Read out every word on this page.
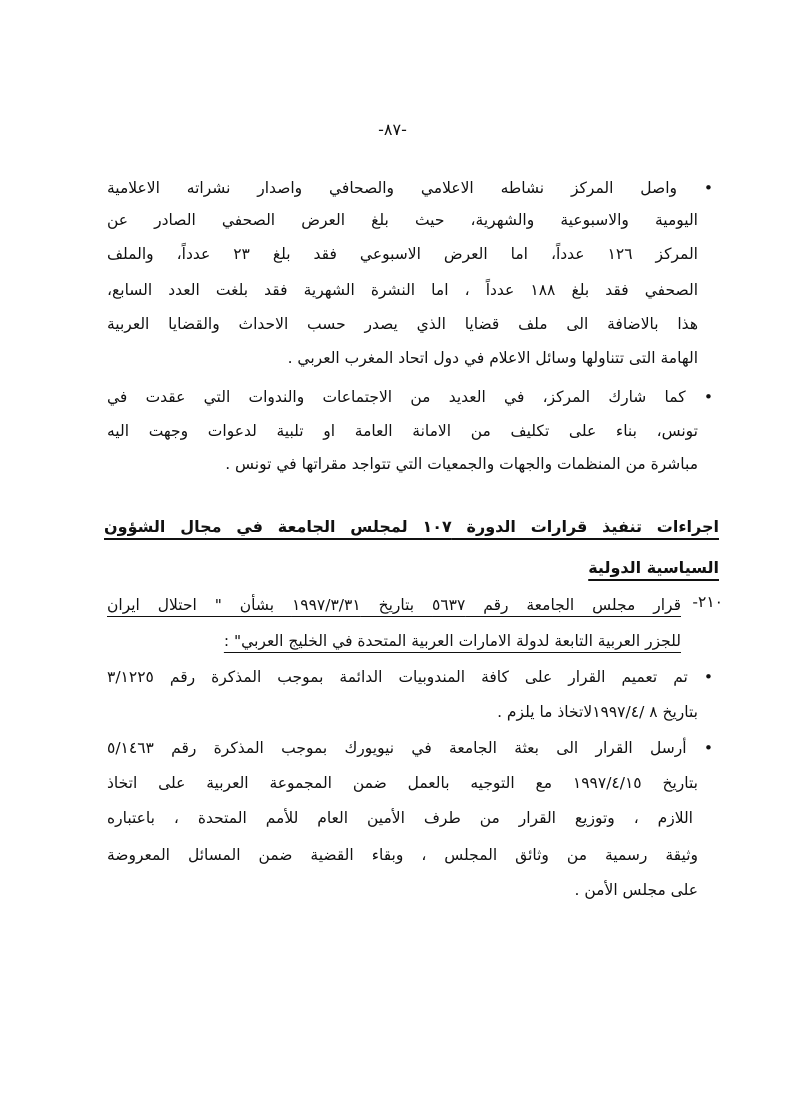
-٨٧-
• واصل المركز نشاطه الاعلامي والصحافي واصدار نشراته الاعلامية
اليومية والاسبوعية والشهرية، حيث بلغ العرض الصحفي الصادر عن
المركز ١٢٦ عدداً، اما العرض الاسبوعي فقد بلغ ٢٣ عدداً، والملف
الصحفي فقد بلغ ١٨٨ عدداً ، اما النشرة الشهرية فقد بلغت العدد السابع،
هذا بالاضافة الى ملف قضايا الذي يصدر حسب الاحداث والقضايا العربية
الهامة التى تتناولها وسائل الاعلام في دول اتحاد المغرب العربي .
• كما شارك المركز، في العديد من الاجتماعات والندوات التي عقدت في
تونس، بناء على تكليف من الامانة العامة او تلبية لدعوات وجهت اليه
مباشرة من المنظمات والجهات والجمعيات التي تتواجد مقراتها في تونس .
اجراءات تنفيذ قرارات الدورة ١٠٧ لمجلس الجامعة في مجال الشؤون
السياسية الدولية
٢١٠-
قرار مجلس الجامعة رقم ٥٦٣٧ بتاريخ ١٩٩٧/٣/٣١ بشأن " احتلال ايران
للجزر العربية التابعة لدولة الامارات العربية المتحدة في الخليج العربي" :
• تم تعميم القرار على كافة المندوبيات الدائمة بموجب المذكرة رقم ٣/١٢٢٥
بتاريخ ٨ /١٩٩٧/٤لاتخاذ ما يلزم .
• أرسل القرار الى بعثة الجامعة في نيويورك بموجب المذكرة رقم ٥/١٤٦٣
بتاريخ ١٩٩٧/٤/١٥ مع التوجيه بالعمل ضمن المجموعة العربية على اتخاذ
اللازم ، وتوزيع القرار من طرف الأمين العام للأمم المتحدة ، باعتباره
وثيقة رسمية من وثائق المجلس ، وبقاء القضية ضمن المسائل المعروضة
على مجلس الأمن .
